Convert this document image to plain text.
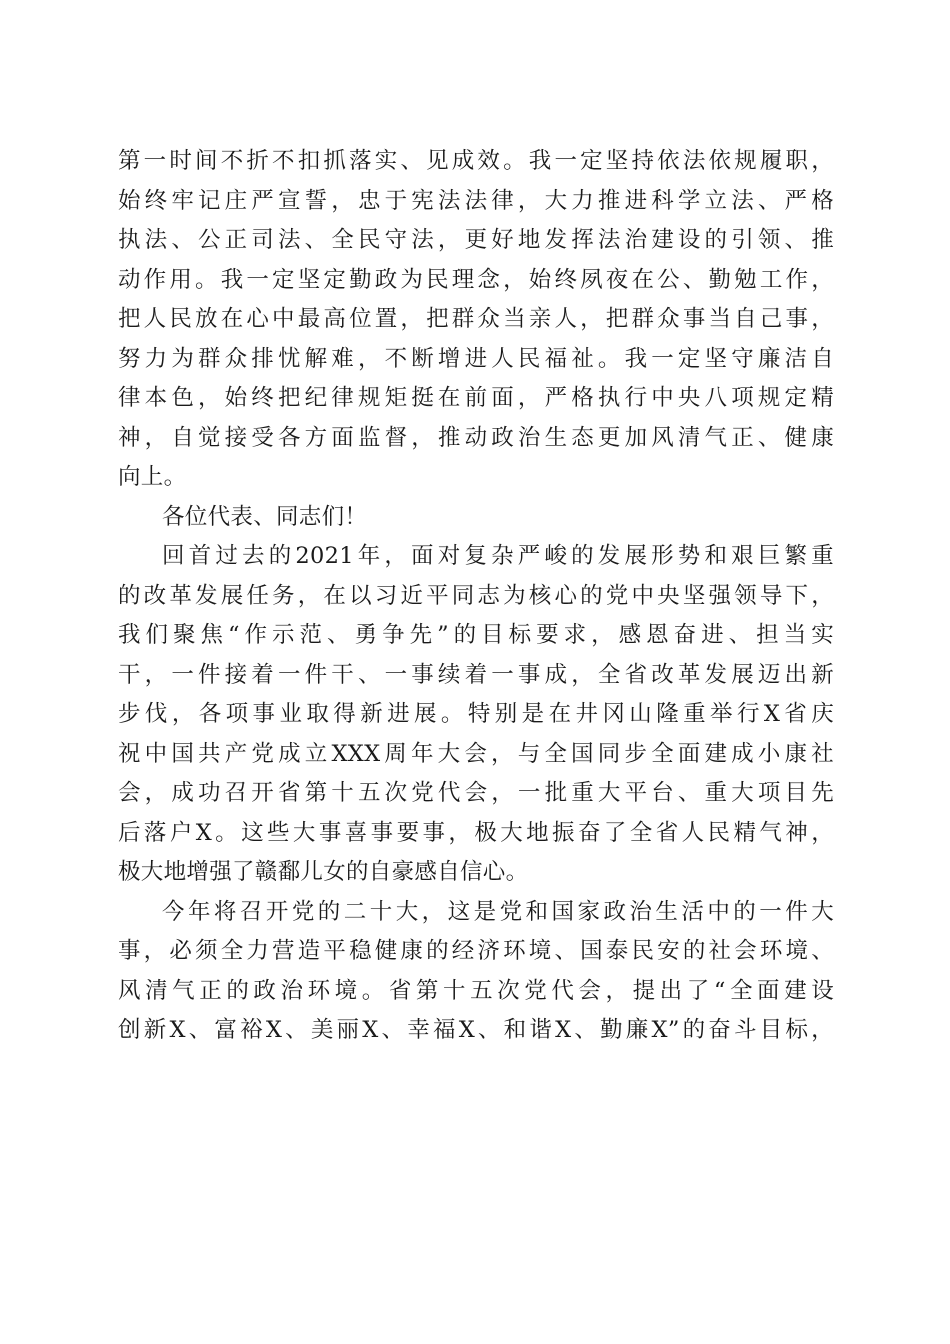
第一时间不折不扣抓落实、见成效。我一定坚持依法依规履职，
始终牢记庄严宣誓，忠于宪法法律，大力推进科学立法、严格
执法、公正司法、全民守法，更好地发挥法治建设的引领、推
动作用。我一定坚定勤政为民理念，始终夙夜在公、勤勉工作，
把人民放在心中最高位置，把群众当亲人，把群众事当自己事，
努力为群众排忧解难，不断增进人民福祉。我一定坚守廉洁自
律本色，始终把纪律规矩挺在前面，严格执行中央八项规定精
神，自觉接受各方面监督，推动政治生态更加风清气正、健康
向上。
各位代表、同志们！
回首过去的2021年，面对复杂严峻的发展形势和艰巨繁重
的改革发展任务，在以习近平同志为核心的党中央坚强领导下，
我们聚焦“作示范、勇争先”的目标要求，感恩奋进、担当实
干，一件接着一件干、一事续着一事成，全省改革发展迈出新
步伐，各项事业取得新进展。特别是在井冈山隆重举行X省庆
祝中国共产党成立XXX周年大会，与全国同步全面建成小康社
会，成功召开省第十五次党代会，一批重大平台、重大项目先
后落户X。这些大事喜事要事，极大地振奋了全省人民精气神，
极大地增强了赣鄱儿女的自豪感自信心。
今年将召开党的二十大，这是党和国家政治生活中的一件大
事，必须全力营造平稳健康的经济环境、国泰民安的社会环境、
风清气正的政治环境。省第十五次党代会，提出了“全面建设
创新X、富裕X、美丽X、幸福X、和谐X、勤廉X”的奋斗目标，
